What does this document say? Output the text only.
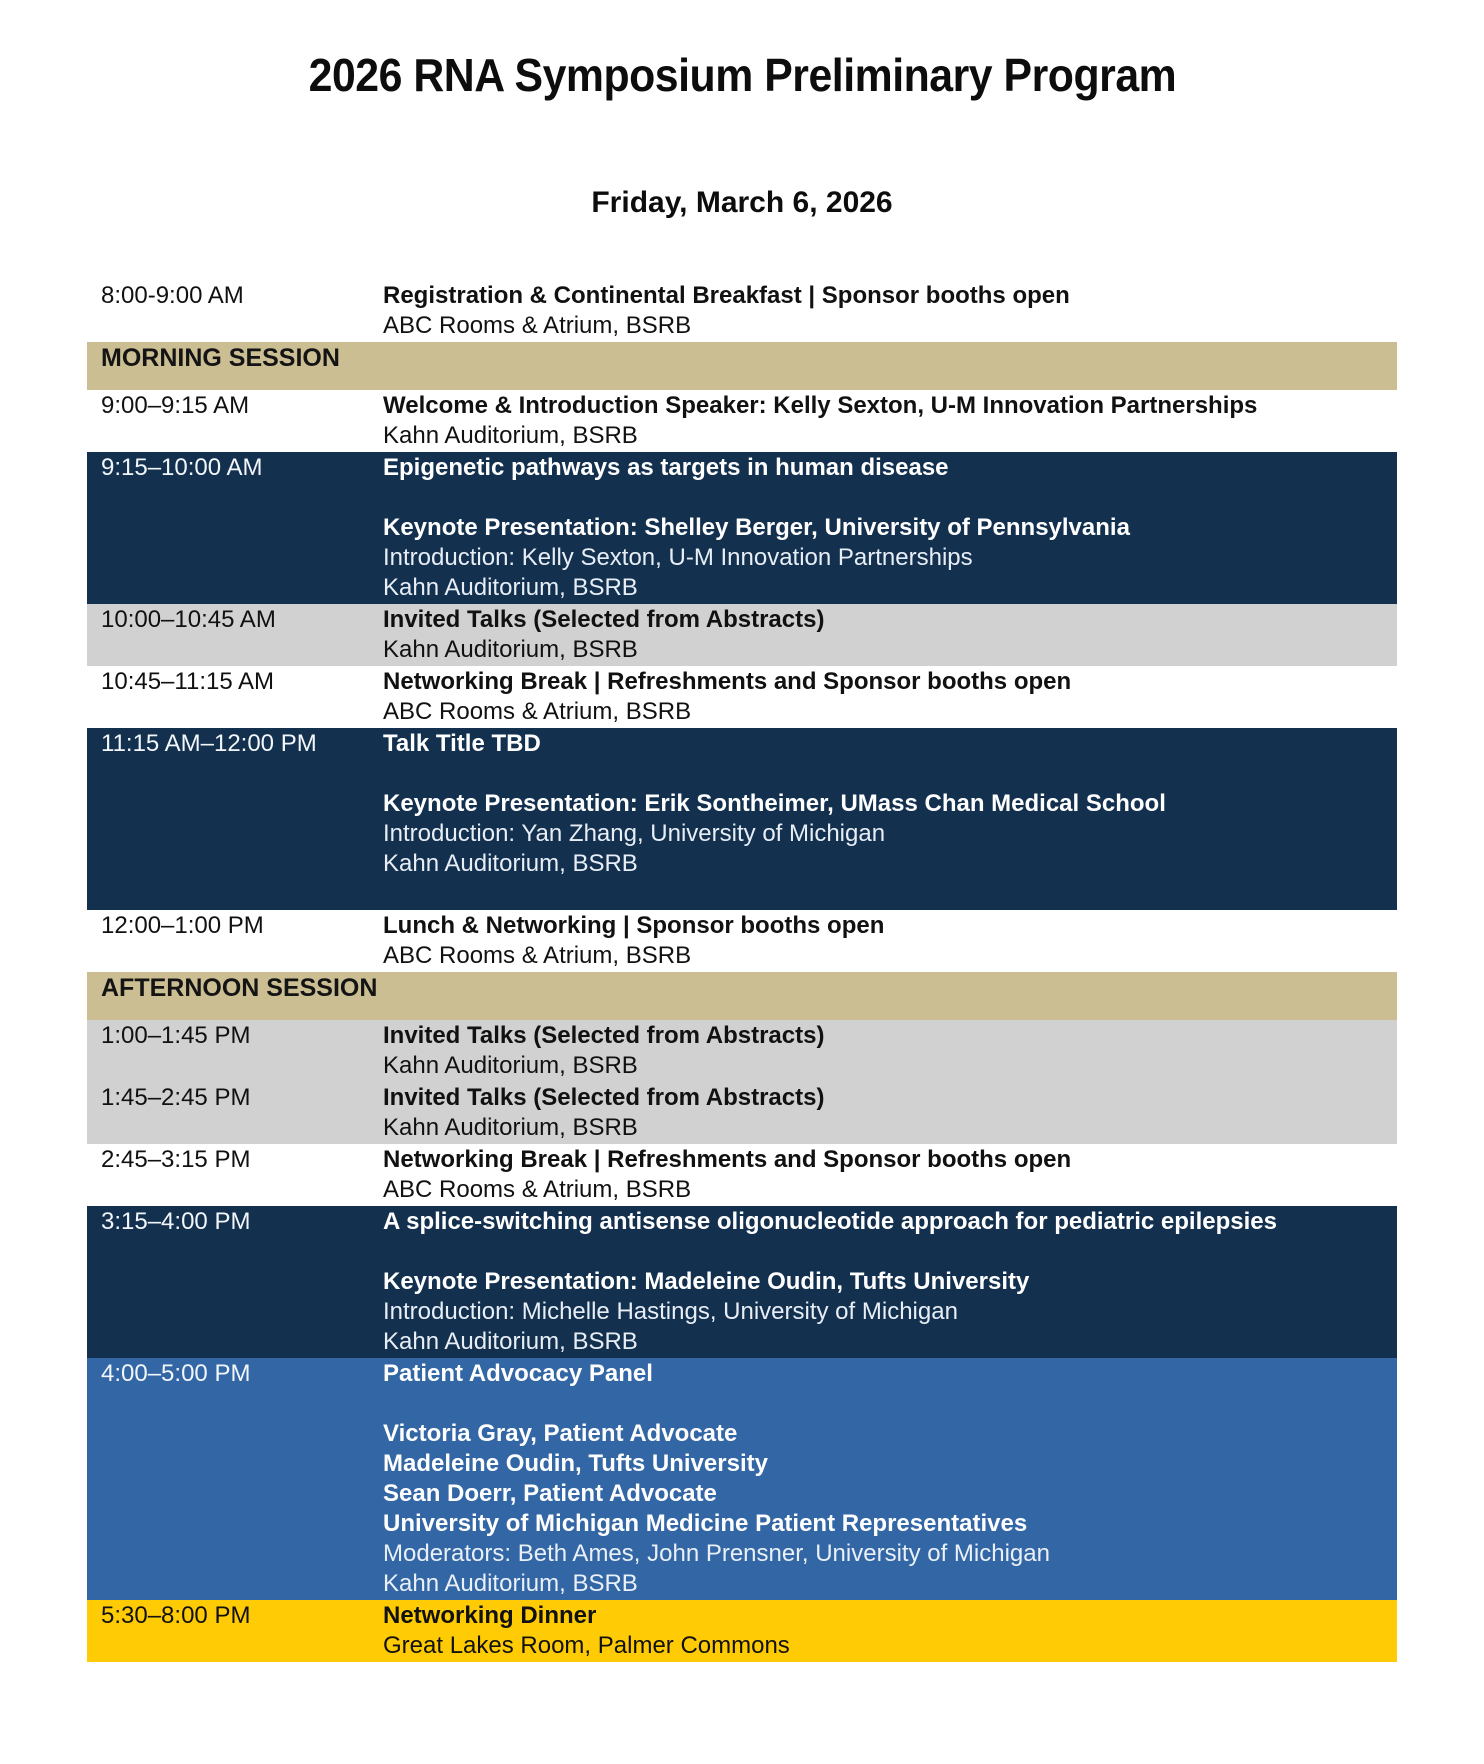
2026 RNA Symposium Preliminary Program
Friday, March 6, 2026
8:00-9:00 AM	Registration & Continental Breakfast | Sponsor booths open
ABC Rooms & Atrium, BSRB
MORNING SESSION
9:00–9:15 AM	Welcome & Introduction Speaker: Kelly Sexton, U-M Innovation Partnerships
Kahn Auditorium, BSRB
9:15–10:00 AM	Epigenetic pathways as targets in human disease

Keynote Presentation: Shelley Berger, University of Pennsylvania
Introduction: Kelly Sexton, U-M Innovation Partnerships
Kahn Auditorium, BSRB
10:00–10:45 AM	Invited Talks (Selected from Abstracts)
Kahn Auditorium, BSRB
10:45–11:15 AM	Networking Break | Refreshments and Sponsor booths open
ABC Rooms & Atrium, BSRB
11:15 AM–12:00 PM	Talk Title TBD

Keynote Presentation: Erik Sontheimer, UMass Chan Medical School
Introduction: Yan Zhang, University of Michigan
Kahn Auditorium, BSRB

12:00–1:00 PM	Lunch & Networking | Sponsor booths open
ABC Rooms & Atrium, BSRB
AFTERNOON SESSION
1:00–1:45 PM	Invited Talks (Selected from Abstracts)
Kahn Auditorium, BSRB
1:45–2:45 PM	Invited Talks (Selected from Abstracts)
Kahn Auditorium, BSRB
2:45–3:15 PM	Networking Break | Refreshments and Sponsor booths open
ABC Rooms & Atrium, BSRB
3:15–4:00 PM	A splice-switching antisense oligonucleotide approach for pediatric epilepsies

Keynote Presentation: Madeleine Oudin, Tufts University
Introduction: Michelle Hastings, University of Michigan
Kahn Auditorium, BSRB
4:00–5:00 PM	Patient Advocacy Panel

Victoria Gray, Patient Advocate
Madeleine Oudin, Tufts University
Sean Doerr, Patient Advocate
University of Michigan Medicine Patient Representatives
Moderators: Beth Ames, John Prensner, University of Michigan
Kahn Auditorium, BSRB
5:30–8:00 PM	Networking Dinner
Great Lakes Room, Palmer Commons
